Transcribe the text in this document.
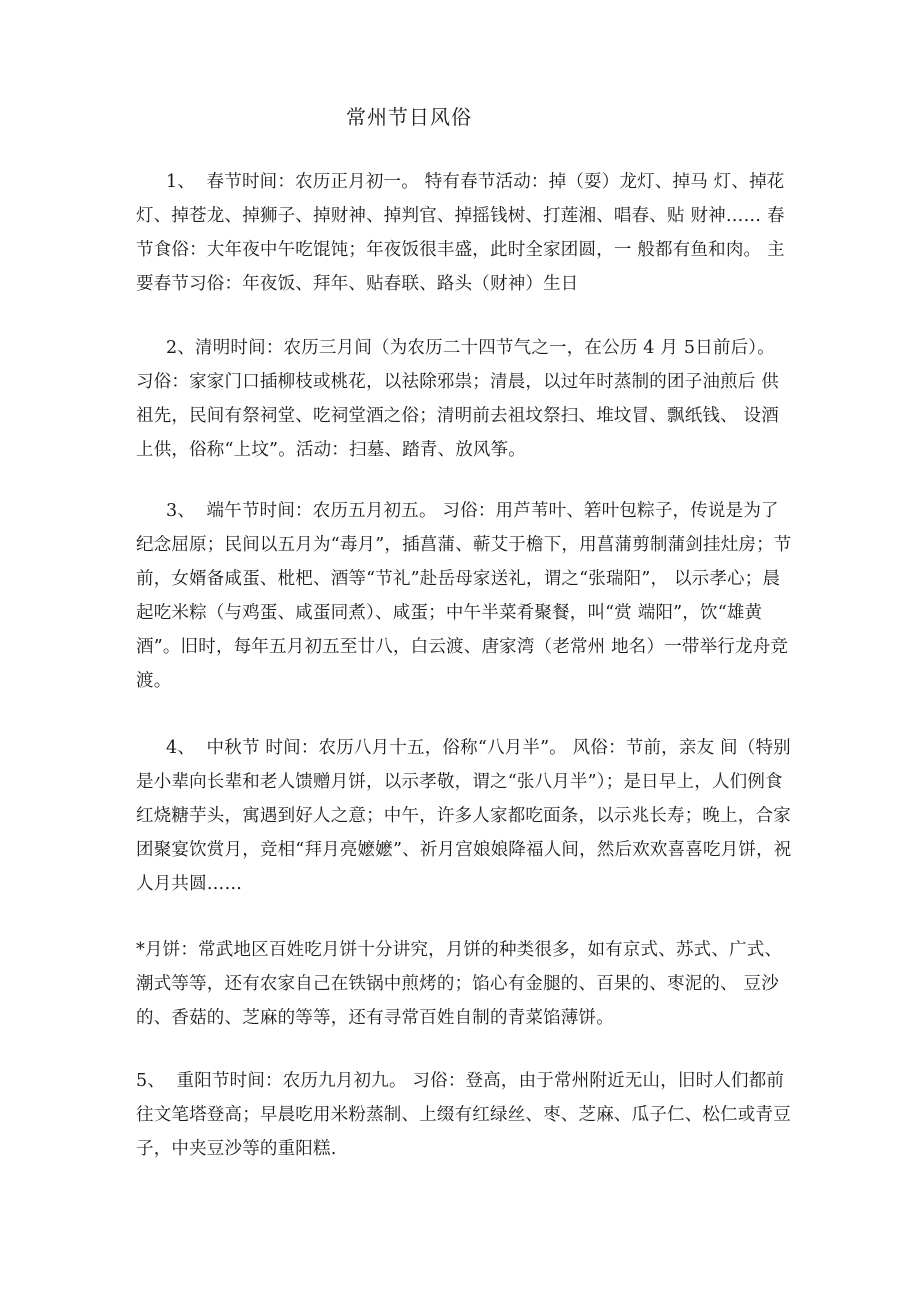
常州节日风俗

1、  春节时间：农历正月初一。 特有春节活动：掉（耍）龙灯、掉马 灯、掉花灯、掉苍龙、掉狮子、掉财神、掉判官、掉摇钱树、打莲湘、唱春、贴 财神…… 春节食俗：大年夜中午吃馄饨；年夜饭很丰盛，此时全家团圆，一 般都有鱼和肉。 主要春节习俗：年夜饭、拜年、贴春联、路头（财神）生日

2、清明时间：农历三月间（为农历二十四节气之一，在公历 4 月 5日前后）。 习俗：家家门口插柳枝或桃花，以祛除邪祟；清晨，以过年时蒸制的团子油煎后 供祖先，民间有祭祠堂、吃祠堂酒之俗；清明前去祖坟祭扫、堆坟冒、飘纸钱、 设酒上供，俗称“上坟”。活动：扫墓、踏青、放风筝。

3、  端午节时间：农历五月初五。 习俗：用芦苇叶、箬叶包粽子，传说是为了纪念屈原；民间以五月为“毒月”，插菖蒲、蕲艾于檐下，用菖蒲剪制蒲剑挂灶房；节前，女婿备咸蛋、枇杷、酒等“节礼”赴岳母家送礼，谓之“张瑞阳”， 以示孝心；晨起吃米粽（与鸡蛋、咸蛋同煮）、咸蛋；中午半菜肴聚餐，叫“赏 端阳”，饮“雄黄酒”。旧时，每年五月初五至廿八，白云渡、唐家湾（老常州 地名）一带举行龙舟竞渡。

4、  中秋节 时间：农历八月十五，俗称“八月半”。 风俗：节前，亲友 间（特别是小辈向长辈和老人馈赠月饼，以示孝敬，谓之“张八月半”）；是日早上，人们例食红烧糖芋头，寓遇到好人之意；中午，许多人家都吃面条，以示兆长寿；晚上，合家团聚宴饮赏月，竞相“拜月亮嬷嬷”、祈月宫娘娘降福人间，然后欢欢喜喜吃月饼，祝人月共圆……

*月饼：常武地区百姓吃月饼十分讲究，月饼的种类很多，如有京式、苏式、广式、潮式等等，还有农家自己在铁锅中煎烤的；馅心有金腿的、百果的、枣泥的、 豆沙的、香菇的、芝麻的等等，还有寻常百姓自制的青菜馅薄饼。

5、  重阳节时间：农历九月初九。 习俗：登高，由于常州附近无山，旧时人们都前往文笔塔登高；早晨吃用米粉蒸制、上缀有红绿丝、枣、芝麻、瓜子仁、松仁或青豆子，中夹豆沙等的重阳糕.
